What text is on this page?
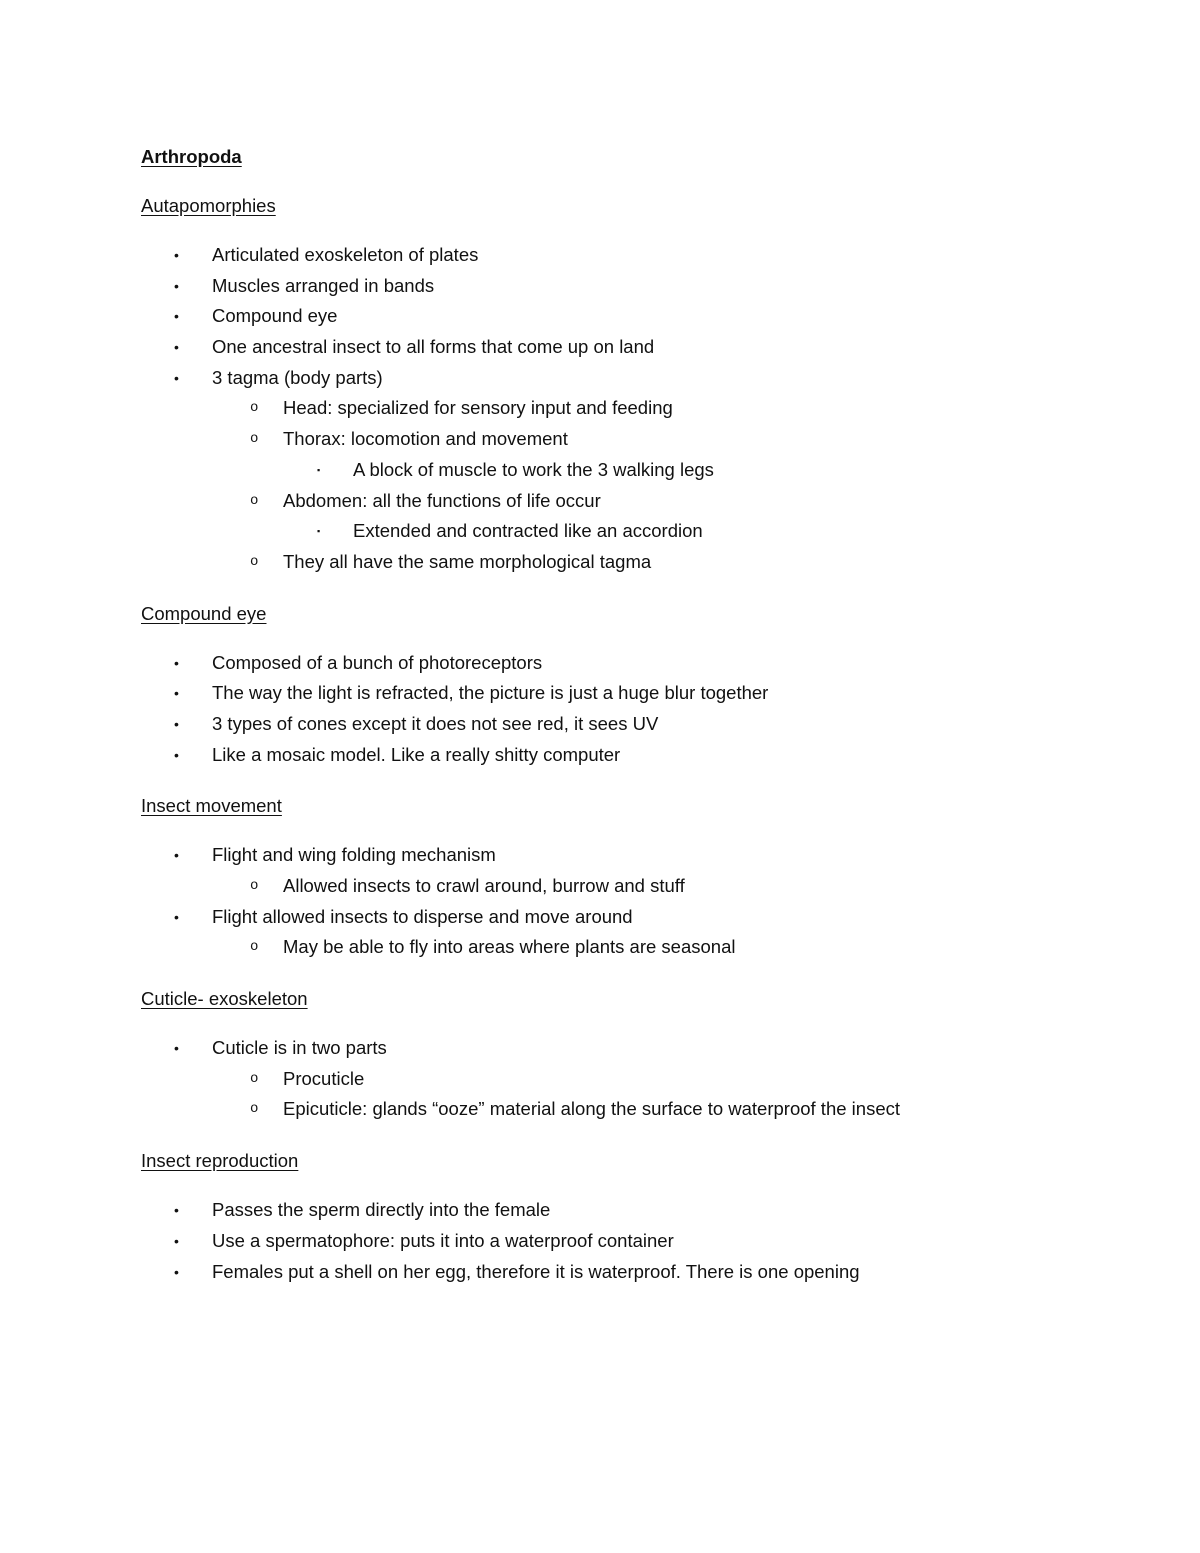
Arthropoda
Autapomorphies
• Articulated exoskeleton of plates
• Muscles arranged in bands
• Compound eye
• One ancestral insect to all forms that come up on land
• 3 tagma (body parts)
o Head: specialized for sensory input and feeding
o Thorax: locomotion and movement
▪ A block of muscle to work the 3 walking legs
o Abdomen: all the functions of life occur
▪ Extended and contracted like an accordion
o They all have the same morphological tagma
Compound eye
• Composed of a bunch of photoreceptors
• The way the light is refracted, the picture is just a huge blur together
• 3 types of cones except it does not see red, it sees UV
• Like a mosaic model. Like a really shitty computer
Insect movement
• Flight and wing folding mechanism
o Allowed insects to crawl around, burrow and stuff
• Flight allowed insects to disperse and move around
o May be able to fly into areas where plants are seasonal
Cuticle- exoskeleton
• Cuticle is in two parts
o Procuticle
o Epicuticle: glands “ooze” material along the surface to waterproof the insect
Insect reproduction
• Passes the sperm directly into the female
• Use a spermatophore: puts it into a waterproof container
• Females put a shell on her egg, therefore it is waterproof. There is one opening
